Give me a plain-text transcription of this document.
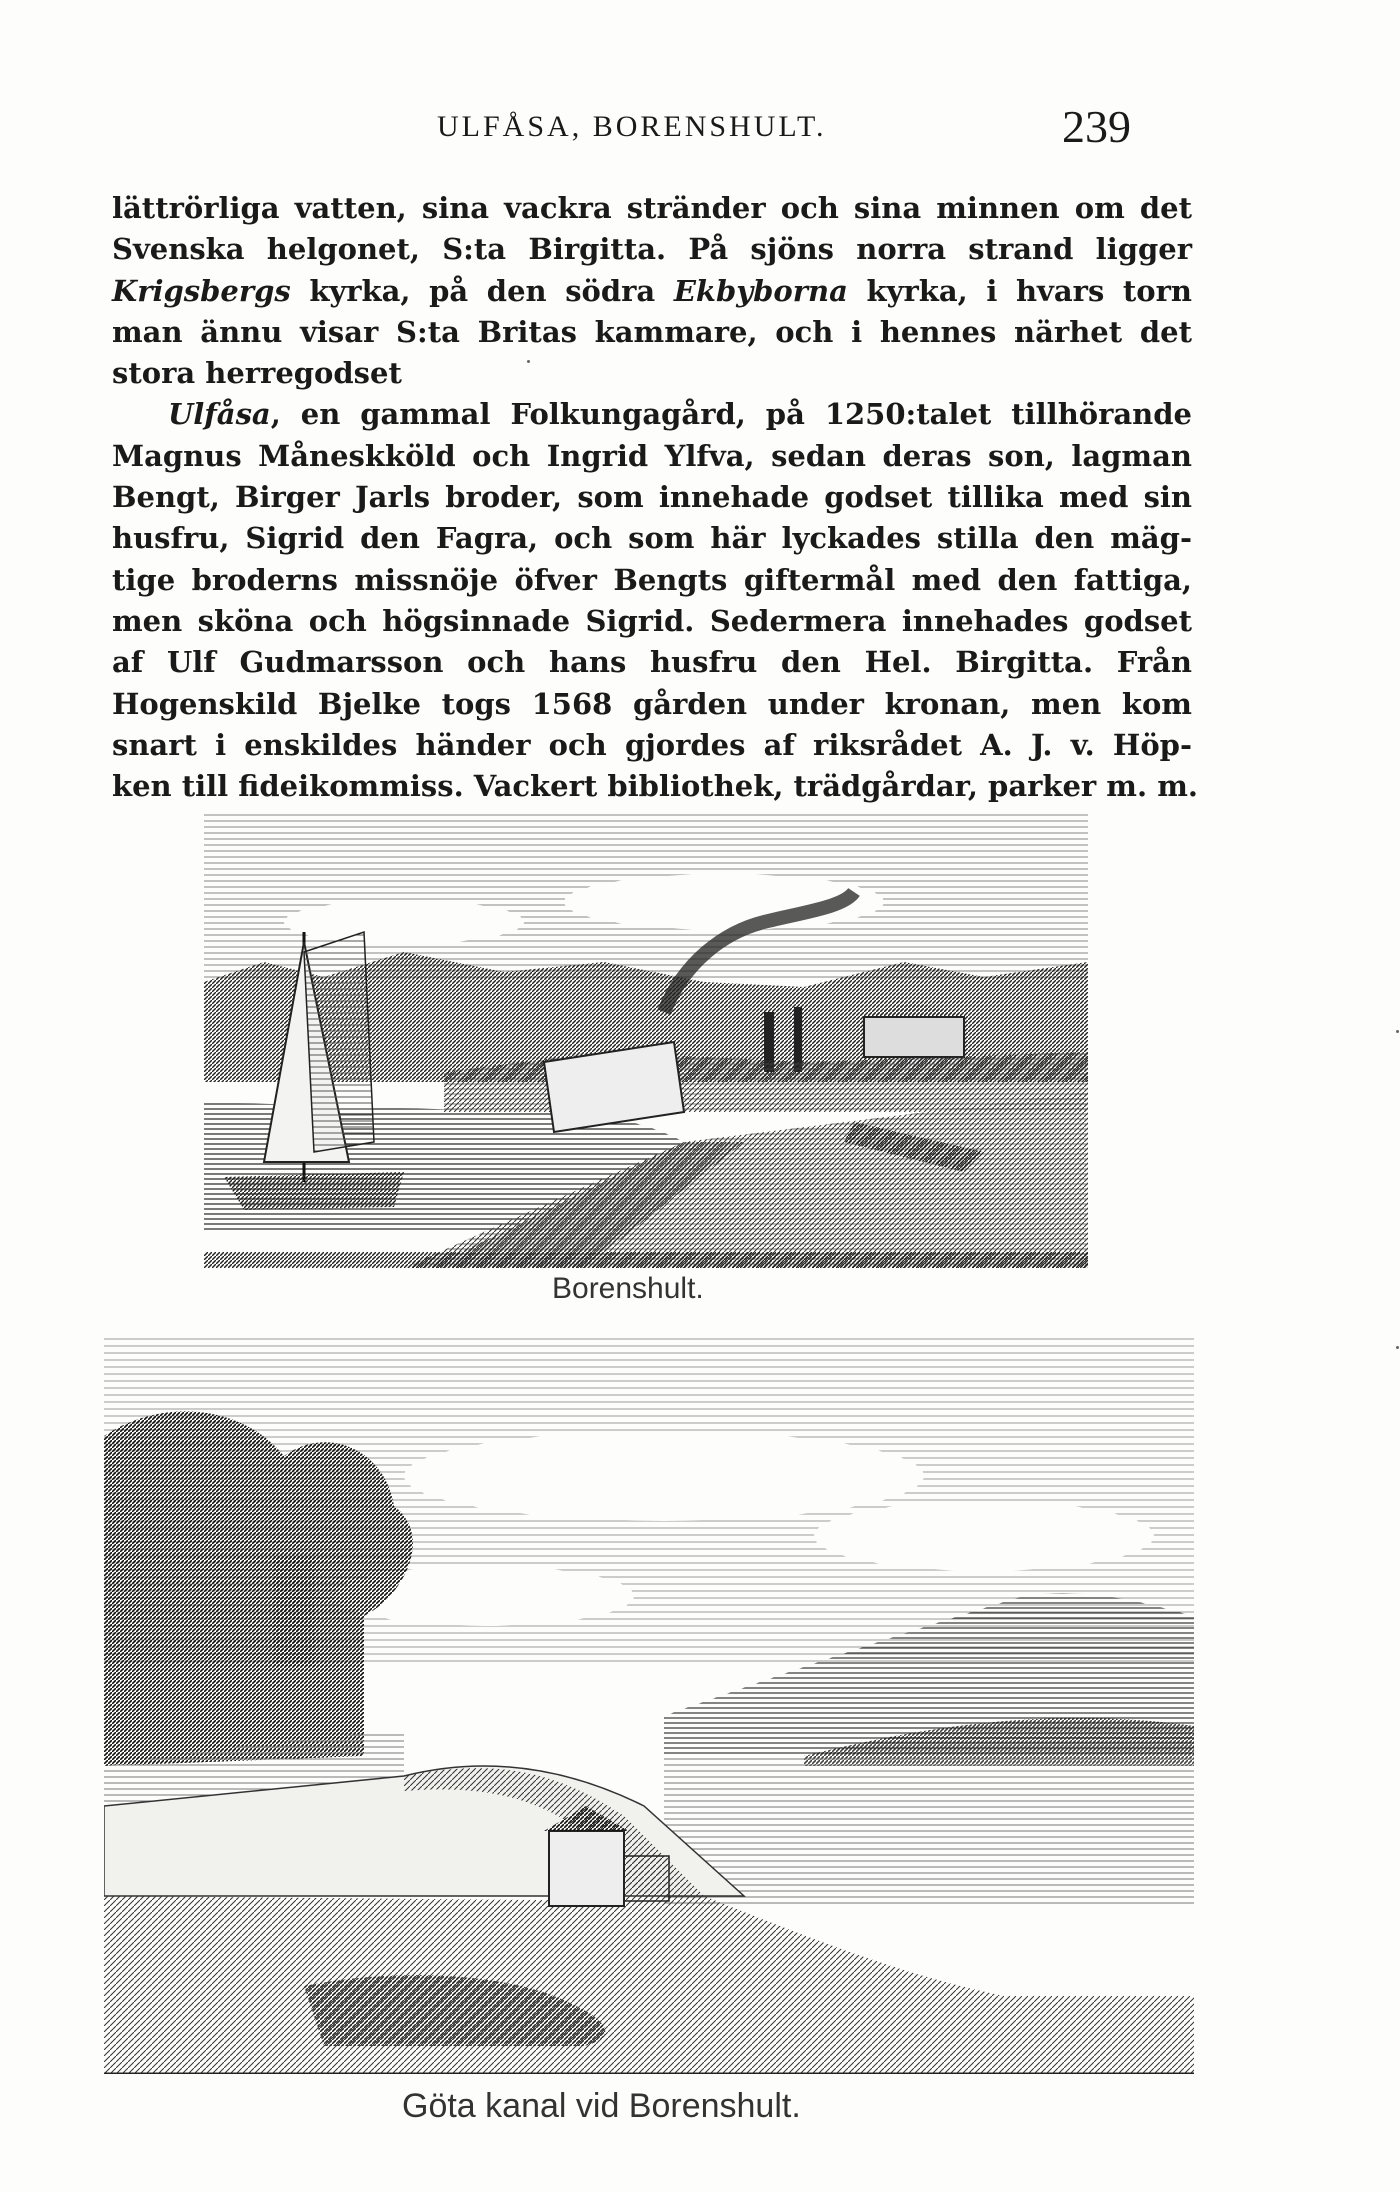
ULFÅSA, BORENSHULT.	239
lättrörliga vatten, sina vackra stränder och sina minnen om det
Svenska helgonet, S:ta Birgitta. På sjöns norra strand ligger
Krigsbergs kyrka, på den södra Ekbyborna kyrka, i hvars torn
man ännu visar S:ta Britas kammare, och i hennes närhet det
stora herregodset
Ulfåsa, en gammal Folkungagård, på 1250:talet tillhörande
Magnus Måneskköld och Ingrid Ylfva, sedan deras son, lagman
Bengt, Birger Jarls broder, som innehade godset tillika med sin
husfru, Sigrid den Fagra, och som här lyckades stilla den mäg-
tige broderns missnöje öfver Bengts giftermål med den fattiga,
men sköna och högsinnade Sigrid. Sedermera innehades godset
af Ulf Gudmarsson och hans husfru den Hel. Birgitta. Från
Hogenskild Bjelke togs 1568 gården under kronan, men kom
snart i enskildes händer och gjordes af riksrådet A. J. v. Höp-
ken till fideikommiss. Vackert bibliothek, trädgårdar, parker m. m.
Borenshult.
Göta kanal vid Borenshult.
